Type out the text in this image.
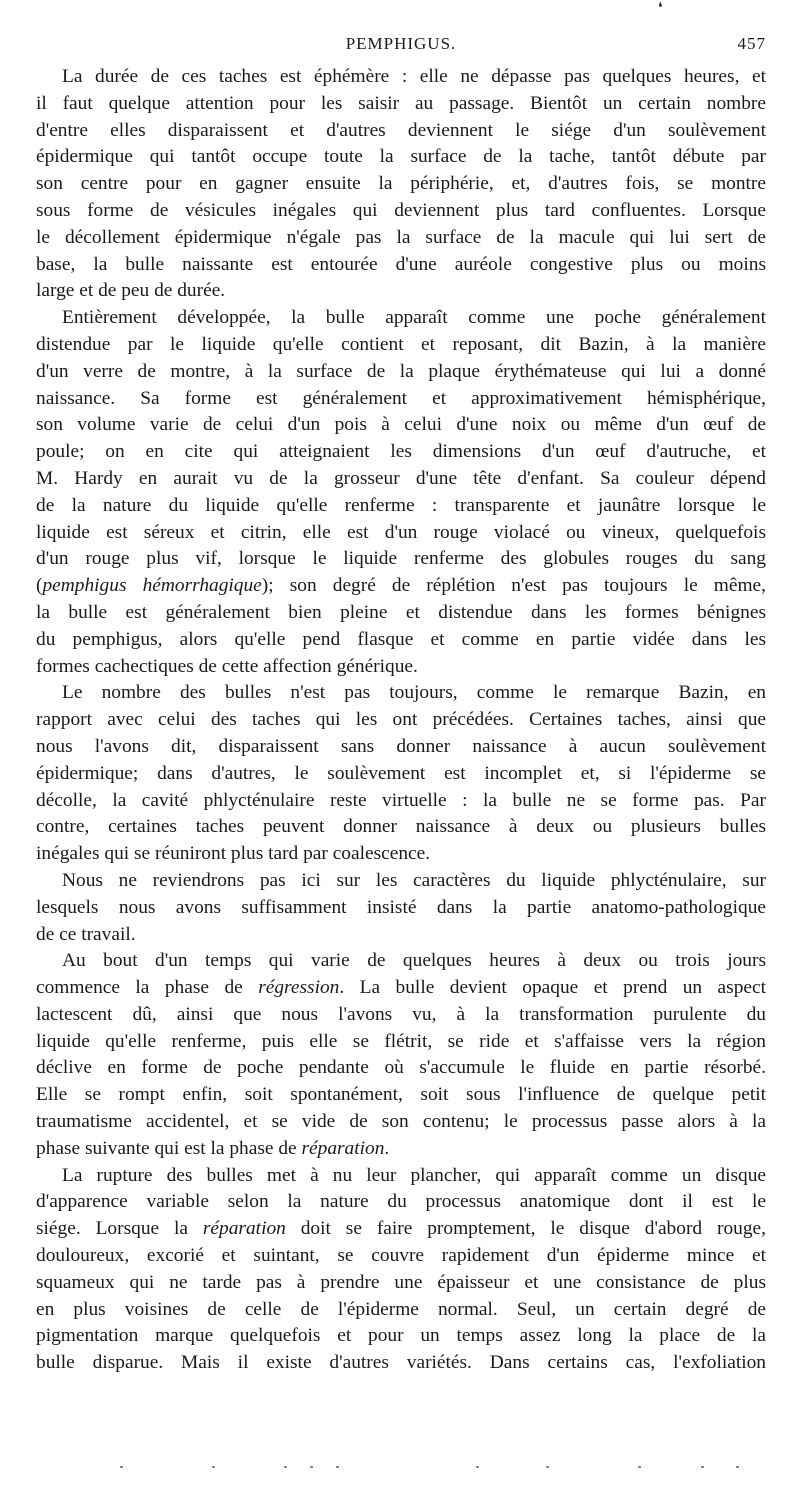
❛
PEMPHIGUS.	457
La durée de ces taches est éphémère : elle ne dépasse pas quelques heures, et
il faut quelque attention pour les saisir au passage. Bientôt un certain nombre
d'entre elles disparaissent et d'autres deviennent le siége d'un soulèvement
épidermique qui tantôt occupe toute la surface de la tache, tantôt débute par
son centre pour en gagner ensuite la périphérie, et, d'autres fois, se montre
sous forme de vésicules inégales qui deviennent plus tard confluentes. Lorsque
le décollement épidermique n'égale pas la surface de la macule qui lui sert de
base, la bulle naissante est entourée d'une auréole congestive plus ou moins
large et de peu de durée.
Entièrement développée, la bulle apparaît comme une poche généralement
distendue par le liquide qu'elle contient et reposant, dit Bazin, à la manière
d'un verre de montre, à la surface de la plaque érythémateuse qui lui a donné
naissance. Sa forme est généralement et approximativement hémisphérique,
son volume varie de celui d'un pois à celui d'une noix ou même d'un œuf de
poule; on en cite qui atteignaient les dimensions d'un œuf d'autruche, et
M. Hardy en aurait vu de la grosseur d'une tête d'enfant. Sa couleur dépend
de la nature du liquide qu'elle renferme : transparente et jaunâtre lorsque le
liquide est séreux et citrin, elle est d'un rouge violacé ou vineux, quelquefois
d'un rouge plus vif, lorsque le liquide renferme des globules rouges du sang
(pemphigus hémorrhagique); son degré de réplétion n'est pas toujours le même,
la bulle est généralement bien pleine et distendue dans les formes bénignes
du pemphigus, alors qu'elle pend flasque et comme en partie vidée dans les
formes cachectiques de cette affection générique.
Le nombre des bulles n'est pas toujours, comme le remarque Bazin, en
rapport avec celui des taches qui les ont précédées. Certaines taches, ainsi que
nous l'avons dit, disparaissent sans donner naissance à aucun soulèvement
épidermique; dans d'autres, le soulèvement est incomplet et, si l'épiderme se
décolle, la cavité phlycténulaire reste virtuelle : la bulle ne se forme pas. Par
contre, certaines taches peuvent donner naissance à deux ou plusieurs bulles
inégales qui se réuniront plus tard par coalescence.
Nous ne reviendrons pas ici sur les caractères du liquide phlycténulaire, sur
lesquels nous avons suffisamment insisté dans la partie anatomo-pathologique
de ce travail.
Au bout d'un temps qui varie de quelques heures à deux ou trois jours
commence la phase de régression. La bulle devient opaque et prend un aspect
lactescent dû, ainsi que nous l'avons vu, à la transformation purulente du
liquide qu'elle renferme, puis elle se flétrit, se ride et s'affaisse vers la région
déclive en forme de poche pendante où s'accumule le fluide en partie résorbé.
Elle se rompt enfin, soit spontanément, soit sous l'influence de quelque petit
traumatisme accidentel, et se vide de son contenu; le processus passe alors à la
phase suivante qui est la phase de réparation.
La rupture des bulles met à nu leur plancher, qui apparaît comme un disque
d'apparence variable selon la nature du processus anatomique dont il est le
siége. Lorsque la réparation doit se faire promptement, le disque d'abord rouge,
douloureux, excorié et suintant, se couvre rapidement d'un épiderme mince et
squameux qui ne tarde pas à prendre une épaisseur et une consistance de plus
en plus voisines de celle de l'épiderme normal. Seul, un certain degré de
pigmentation marque quelquefois et pour un temps assez long la place de la
bulle disparue. Mais il existe d'autres variétés. Dans certains cas, l'exfoliation
